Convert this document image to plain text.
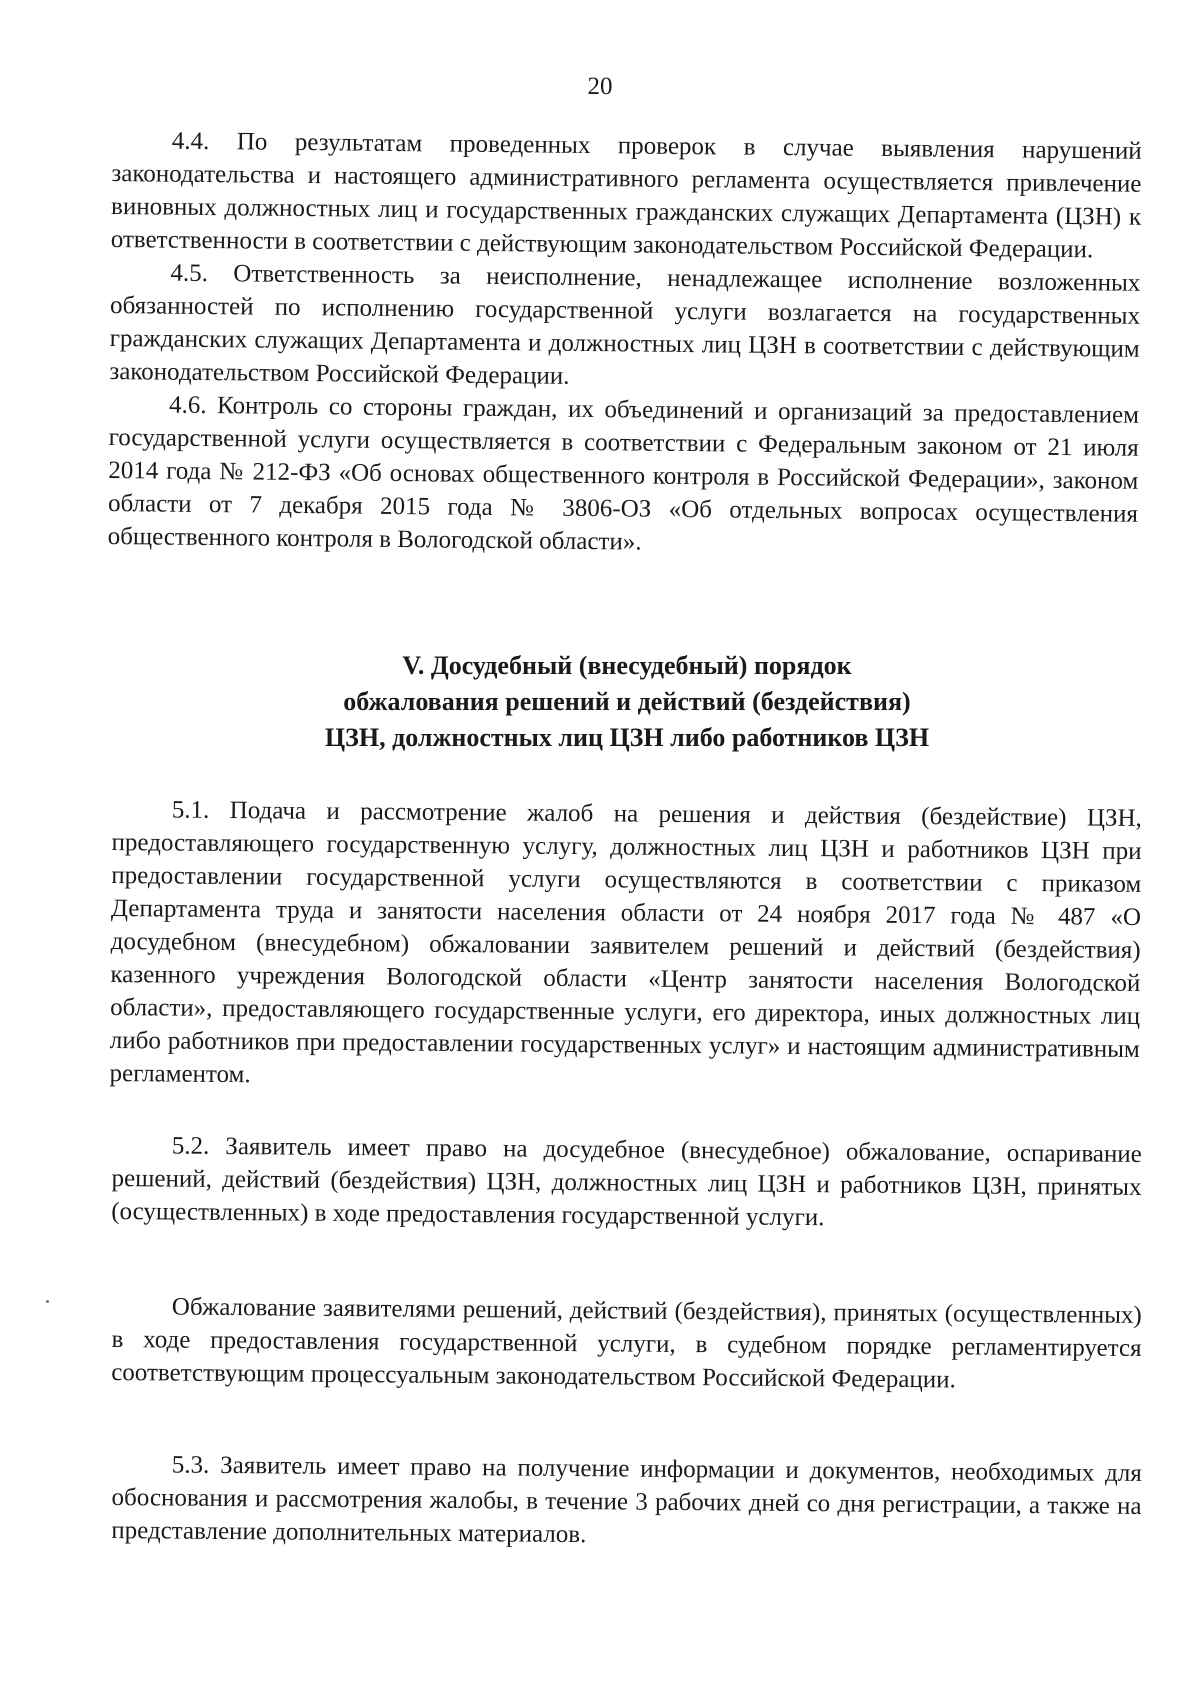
20

4.4. По результатам проведенных проверок в случае выявления нарушений законодательства и настоящего административного регламента осуществляется привлечение виновных должностных лиц и государственных гражданских служащих Департамента (ЦЗН) к ответственности в соответствии с действующим законодательством Российской Федерации.

4.5. Ответственность за неисполнение, ненадлежащее исполнение возложенных обязанностей по исполнению государственной услуги возлагается на государственных гражданских служащих Департамента и должностных лиц ЦЗН в соответствии с действующим законодательством Российской Федерации.

4.6. Контроль со стороны граждан, их объединений и организаций за предоставлением государственной услуги осуществляется в соответствии с Федеральным законом от 21 июля 2014 года № 212-ФЗ «Об основах общественного контроля в Российской Федерации», законом области от 7 декабря 2015 года № 3806-ОЗ «Об отдельных вопросах осуществления общественного контроля в Вологодской области».

V. Досудебный (внесудебный) порядок
обжалования решений и действий (бездействия)
ЦЗН, должностных лиц ЦЗН либо работников ЦЗН

5.1. Подача и рассмотрение жалоб на решения и действия (бездействие) ЦЗН, предоставляющего государственную услугу, должностных лиц ЦЗН и работников ЦЗН при предоставлении государственной услуги осуществляются в соответствии с приказом Департамента труда и занятости населения области от 24 ноября 2017 года № 487 «О досудебном (внесудебном) обжаловании заявителем решений и действий (бездействия) казенного учреждения Вологодской области «Центр занятости населения Вологодской области», предоставляющего государственные услуги, его директора, иных должностных лиц либо работников при предоставлении государственных услуг» и настоящим административным регламентом.

5.2. Заявитель имеет право на досудебное (внесудебное) обжалование, оспаривание решений, действий (бездействия) ЦЗН, должностных лиц ЦЗН и работников ЦЗН, принятых (осуществленных) в ходе предоставления государственной услуги.

Обжалование заявителями решений, действий (бездействия), принятых (осуществленных) в ходе предоставления государственной услуги, в судебном порядке регламентируется соответствующим процессуальным законодательством Российской Федерации.

5.3. Заявитель имеет право на получение информации и документов, необходимых для обоснования и рассмотрения жалобы, в течение 3 рабочих дней со дня регистрации, а также на представление дополнительных материалов.
